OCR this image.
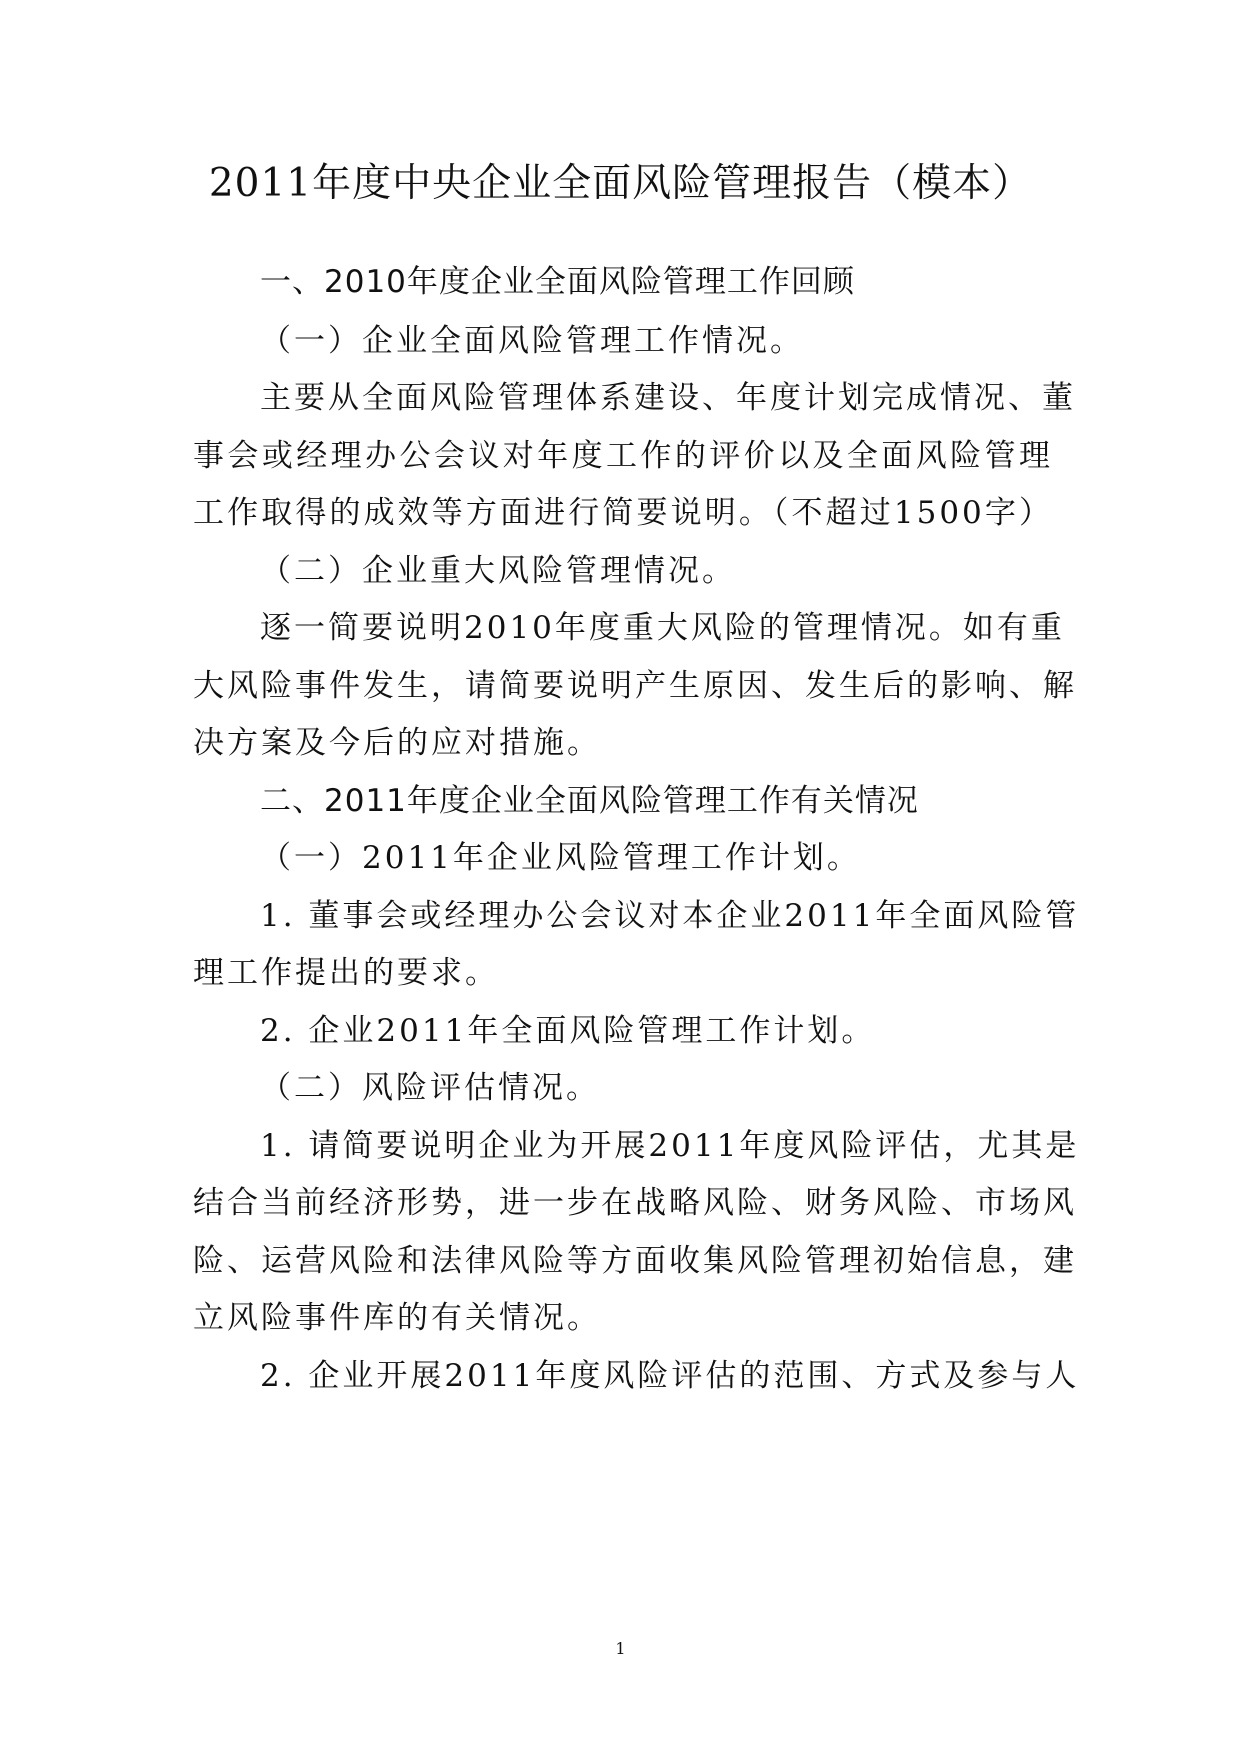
2011年度中央企业全面风险管理报告（模本）
一、2010年度企业全面风险管理工作回顾
（一）企业全面风险管理工作情况。
主要从全面风险管理体系建设、年度计划完成情况、董
事会或经理办公会议对年度工作的评价以及全面风险管理
工作取得的成效等方面进行简要说明。（不超过1500字）
（二）企业重大风险管理情况。
逐一简要说明2010年度重大风险的管理情况。如有重
大风险事件发生，请简要说明产生原因、发生后的影响、解
决方案及今后的应对措施。
二、2011年度企业全面风险管理工作有关情况
（一）2011年企业风险管理工作计划。
1. 董事会或经理办公会议对本企业2011年全面风险管
理工作提出的要求。
2. 企业2011年全面风险管理工作计划。
（二）风险评估情况。
1. 请简要说明企业为开展2011年度风险评估，尤其是
结合当前经济形势，进一步在战略风险、财务风险、市场风
险、运营风险和法律风险等方面收集风险管理初始信息，建
立风险事件库的有关情况。
2. 企业开展2011年度风险评估的范围、方式及参与人
1
